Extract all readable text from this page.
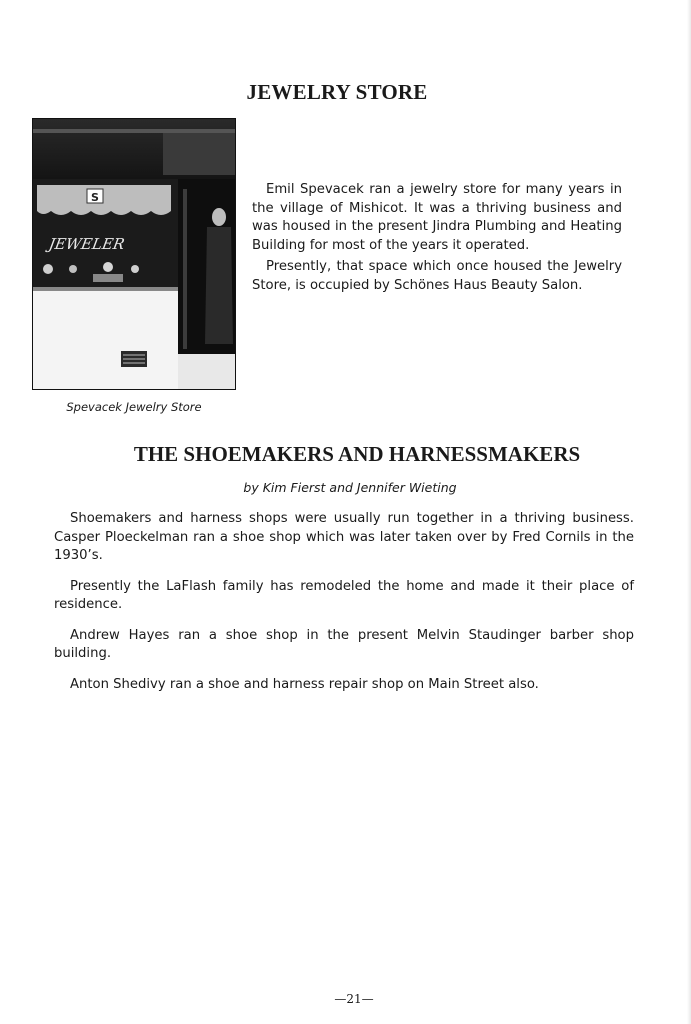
JEWELRY STORE
S
JEWELER
Spevacek Jewelry Store

Emil Spevacek ran a jewelry store for many years in the village of Mishicot. It was a thriving business and was housed in the present Jindra Plumbing and Heating Building for most of the years it operated.

Presently, that space which once housed the Jewelry Store, is occupied by Schönes Haus Beauty Salon.

THE SHOEMAKERS AND HARNESSMAKERS
by Kim Fierst and Jennifer Wieting

Shoemakers and harness shops were usually run together in a thriving business. Casper Ploeckelman ran a shoe shop which was later taken over by Fred Cornils in the 1930’s.

Presently the LaFlash family has remodeled the home and made it their place of residence.

Andrew Hayes ran a shoe shop in the present Melvin Staudinger barber shop building.

Anton Shedivy ran a shoe and harness repair shop on Main Street also.

—21—
